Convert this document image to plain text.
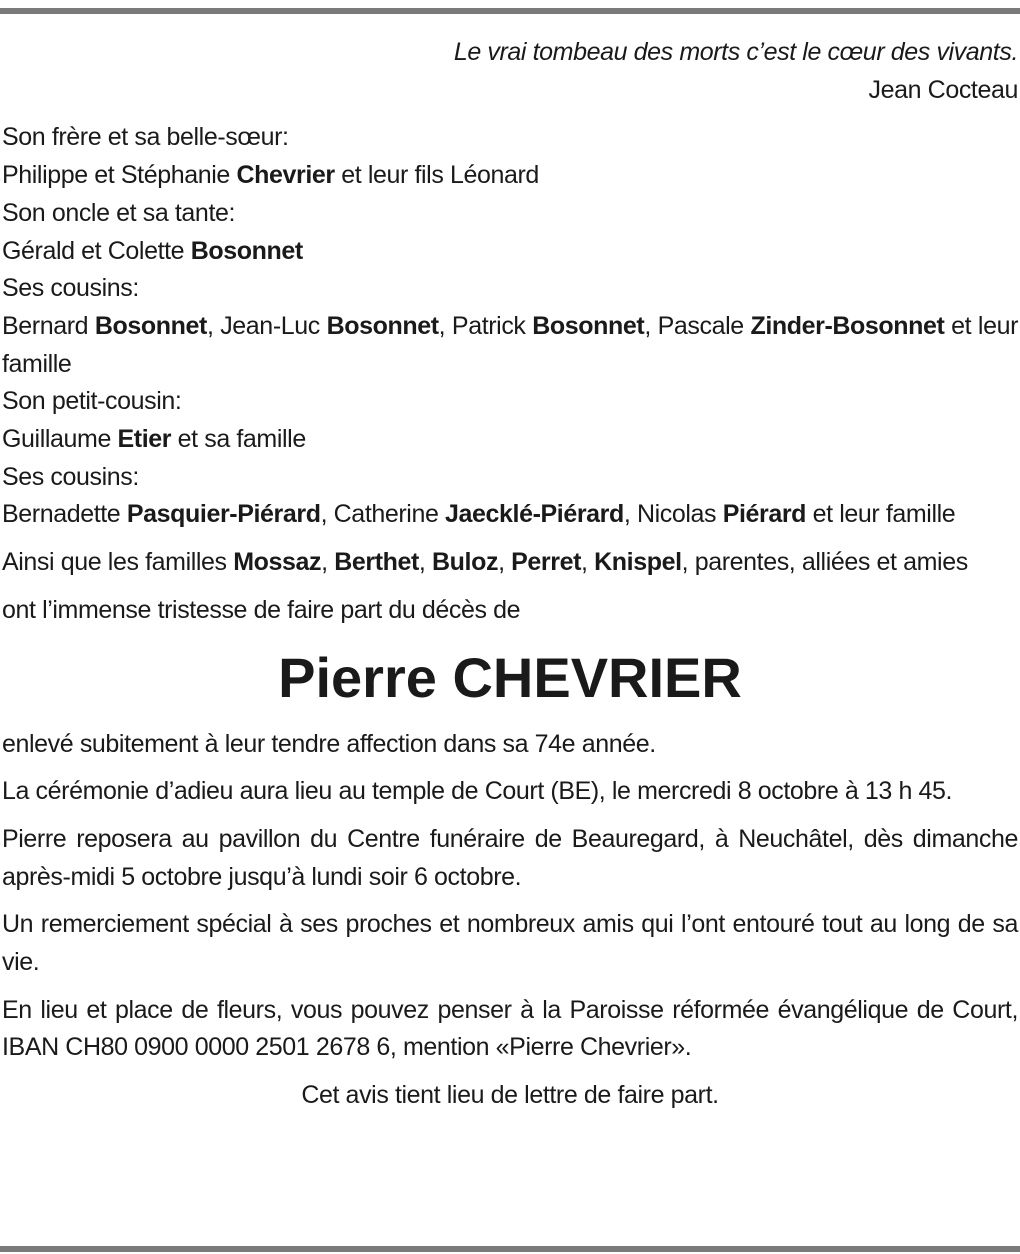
Le vrai tombeau des morts c’est le cœur des vivants.
Jean Cocteau
Son frère et sa belle-sœur:
Philippe et Stéphanie Chevrier et leur fils Léonard
Son oncle et sa tante:
Gérald et Colette Bosonnet
Ses cousins:
Bernard Bosonnet, Jean-Luc Bosonnet, Patrick Bosonnet, Pascale Zinder-Bosonnet et leur famille
Son petit-cousin:
Guillaume Etier et sa famille
Ses cousins:
Bernadette Pasquier-Piérard, Catherine Jaecklé-Piérard, Nicolas Piérard et leur famille
Ainsi que les familles Mossaz, Berthet, Buloz, Perret, Knispel, parentes, alliées et amies
ont l’immense tristesse de faire part du décès de
Pierre CHEVRIER
enlevé subitement à leur tendre affection dans sa 74e année.
La cérémonie d’adieu aura lieu au temple de Court (BE), le mercredi 8 octobre à 13 h 45.
Pierre reposera au pavillon du Centre funéraire de Beauregard, à Neuchâtel, dès dimanche après-midi 5 octobre jusqu’à lundi soir 6 octobre.
Un remerciement spécial à ses proches et nombreux amis qui l’ont entouré tout au long de sa vie.
En lieu et place de fleurs, vous pouvez penser à la Paroisse réformée évangélique de Court, IBAN CH80 0900 0000 2501 2678 6, mention «Pierre Chevrier».
Cet avis tient lieu de lettre de faire part.
